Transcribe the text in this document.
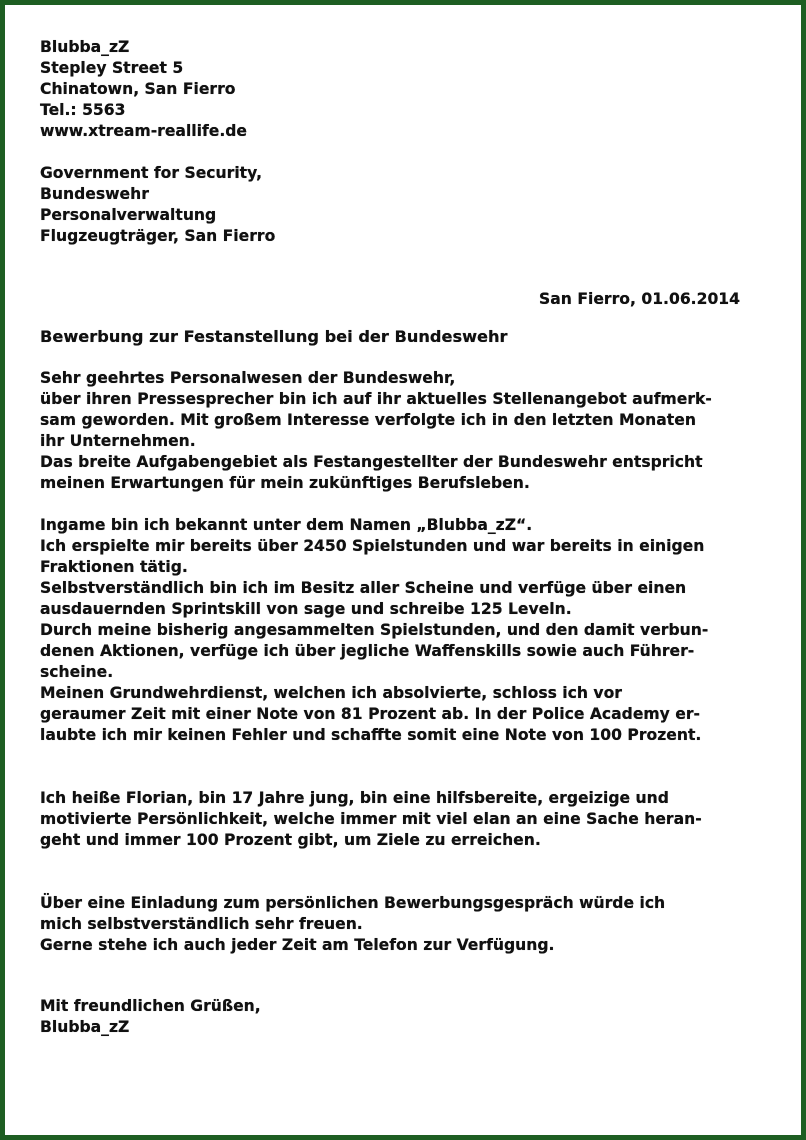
Blubba_zZ
Stepley Street 5
Chinatown, San Fierro
Tel.: 5563
www.xtream-reallife.de
Government for Security,
Bundeswehr
Personalverwaltung
Flugzeugträger, San Fierro
San Fierro, 01.06.2014
Bewerbung zur Festanstellung bei der Bundeswehr
Sehr geehrtes Personalwesen der Bundeswehr,
über ihren Pressesprecher bin ich auf ihr aktuelles Stellenangebot aufmerk-
sam geworden. Mit großem Interesse verfolgte ich in den letzten Monaten
ihr Unternehmen.
Das breite Aufgabengebiet als Festangestellter der Bundeswehr entspricht
meinen Erwartungen für mein zukünftiges Berufsleben.
Ingame bin ich bekannt unter dem Namen „Blubba_zZ“.
Ich erspielte mir bereits über 2450 Spielstunden und war bereits in einigen
Fraktionen tätig.
Selbstverständlich bin ich im Besitz aller Scheine und verfüge über einen
ausdauernden Sprintskill von sage und schreibe 125 Leveln.
Durch meine bisherig angesammelten Spielstunden, und den damit verbun-
denen Aktionen, verfüge ich über jegliche Waffenskills sowie auch Führer-
scheine.
Meinen Grundwehrdienst, welchen ich absolvierte, schloss ich vor
geraumer Zeit mit einer Note von 81 Prozent ab. In der Police Academy er-
laubte ich mir keinen Fehler und schaffte somit eine Note von 100 Prozent.
Ich heiße Florian, bin 17 Jahre jung, bin eine hilfsbereite, ergeizige und
motivierte Persönlichkeit, welche immer mit viel elan an eine Sache heran-
geht und immer 100 Prozent gibt, um Ziele zu erreichen.
Über eine Einladung zum persönlichen Bewerbungsgespräch würde ich
mich selbstverständlich sehr freuen.
Gerne stehe ich auch jeder Zeit am Telefon zur Verfügung.
Mit freundlichen Grüßen,
Blubba_zZ
